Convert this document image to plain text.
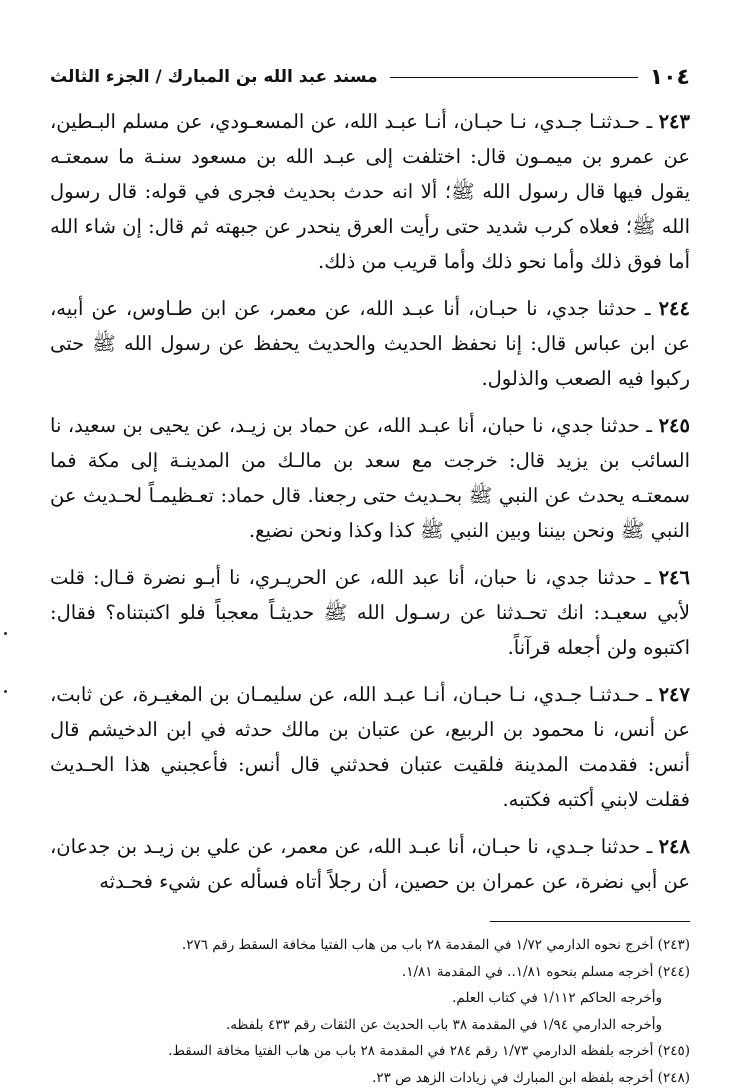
١٠٤
مسند عبد الله بن المبارك / الجزء الثالث

٢٤٣ ـ حـدثنـا جـدي، نـا حبـان، أنـا عبـد الله، عن المسعـودي، عن مسلم البـطين، عن عمرو بن ميمـون قال: اختلفت إلى عبـد الله بن مسعود سنـة ما سمعتـه يقول فيها قال رسول الله ﷺ؛ ألا انه حدث بحديث فجرى في قوله: قال رسول الله ﷺ؛ فعلاه كرب شديد حتى رأيت العرق ينحدر عن جبهته ثم قال: إن شاء الله أما فوق ذلك وأما نحو ذلك وأما قريب من ذلك.

٢٤٤ ـ حدثنا جدي، نا حبـان، أنا عبـد الله، عن معمر، عن ابن طـاوس، عن أبيه، عن ابن عباس قال: إنا نحفظ الحديث والحديث يحفظ عن رسول الله ﷺ حتى ركبوا فيه الصعب والذلول.

٢٤٥ ـ حدثنا جدي، نا حبان، أنا عبـد الله، عن حماد بن زيـد، عن يحيى بن سعيد، نا السائب بن يزيد قال: خرجت مع سعد بن مالـك من المدينـة إلى مكة فما سمعتـه يحدث عن النبي ﷺ بحـديث حتى رجعنا. قال حماد: تعـظيمـاً لحـديث عن النبي ﷺ ونحن بيننا وبين النبي ﷺ كذا وكذا ونحن نضيع.

٢٤٦ ـ حدثنا جدي، نا حبان، أنا عبد الله، عن الحريـري، نا أبـو نضرة قـال: قلت لأبي سعيـد: انك تحـدثنا عن رسـول الله ﷺ حديثـاً معجباً فلو اكتبتناه؟ فقال: اكتبوه ولن أجعله قرآناً.

٢٤٧ ـ حـدثنـا جـدي، نـا حبـان، أنـا عبـد الله، عن سليمـان بن المغيـرة، عن ثابت، عن أنس، نا محمود بن الربيع، عن عتبان بن مالك حدثه في ابن الدخيشم قال أنس: فقدمت المدينة فلقيت عتبان فحدثني قال أنس: فأعجبني هذا الحـديث فقلت لابني أكتبه فكتبه.

٢٤٨ ـ حدثنا جـدي، نا حبـان، أنا عبـد الله، عن معمر، عن علي بن زيـد بن جدعان، عن أبي نضرة، عن عمران بن حصين، أن رجلاً أتاه فسأله عن شيء فحـدثه

(٢٤٣) أخرج نحوه الدارمي ١/٧٢ في المقدمة ٢٨ باب من هاب الفتيا مخافة السقط رقم ٢٧٦.

(٢٤٤) أخرجه مسلم بنحوه ١/٨١.. في المقدمة ١/٨١.

وأخرجه الحاكم ١/١١٢ في كتاب العلم.

وأخرجه الدارمي ١/٩٤ في المقدمة ٣٨ باب الحديث عن الثقات رقم ٤٣٣ بلفظه.

(٢٤٥) أخرجه بلفظه الدارمي ١/٧٣ رقم ٢٨٤ في المقدمة ٢٨ باب من هاب الفتيا مخافة السقط.

(٢٤٨) أخرجه بلفظه ابن المبارك في زيادات الزهد ص ٢٣.
